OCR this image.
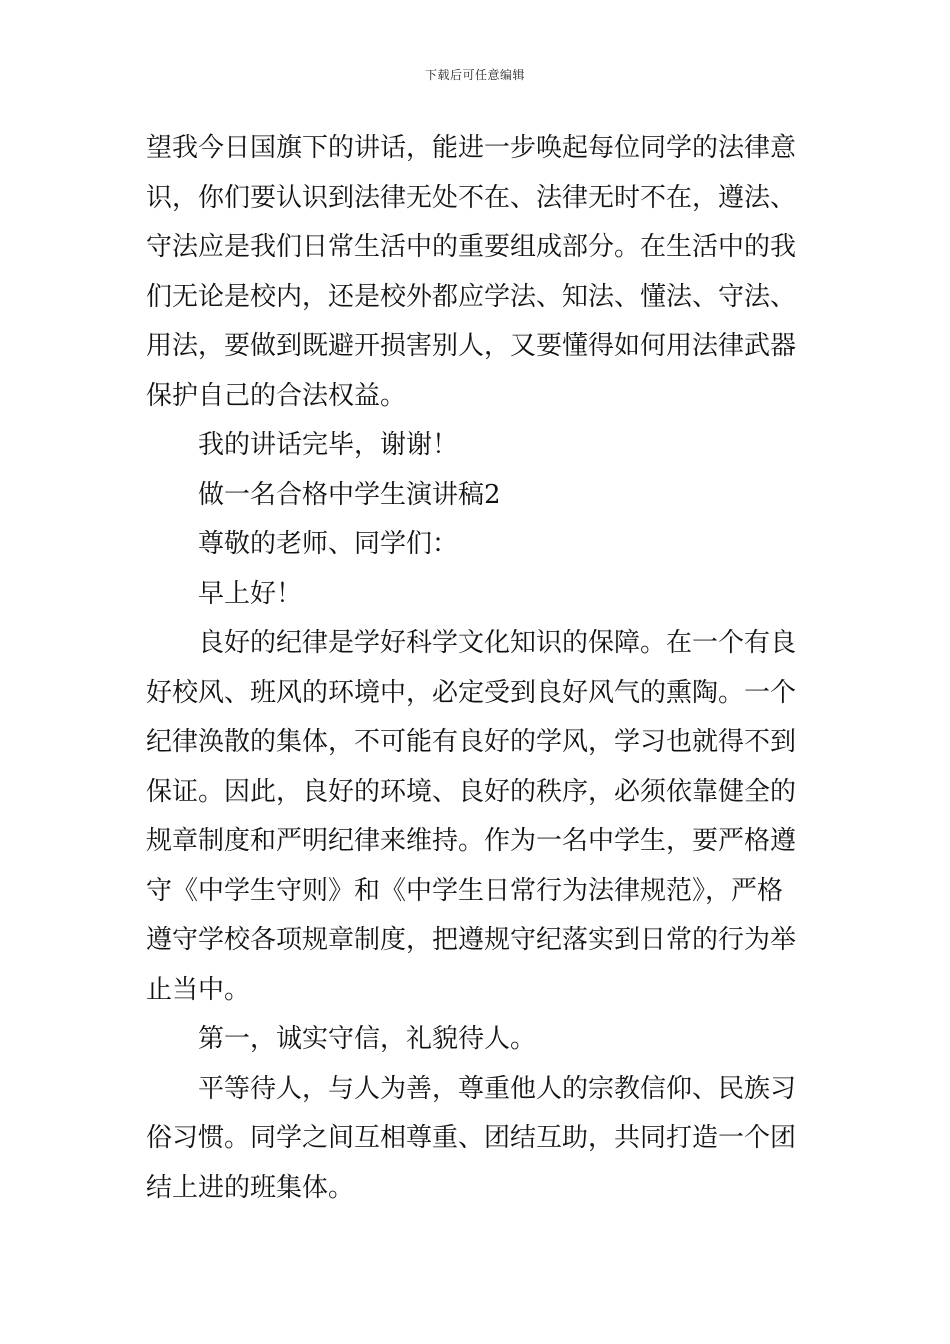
下载后可任意编辑
望我今日国旗下的讲话，能进一步唤起每位同学的法律意
识，你们要认识到法律无处不在、法律无时不在，遵法、
守法应是我们日常生活中的重要组成部分。在生活中的我
们无论是校内，还是校外都应学法、知法、懂法、守法、
用法，要做到既避开损害别人，又要懂得如何用法律武器
保护自己的合法权益。
我的讲话完毕，谢谢！
做一名合格中学生演讲稿2
尊敬的老师、同学们：
早上好！
良好的纪律是学好科学文化知识的保障。在一个有良
好校风、班风的环境中，必定受到良好风气的熏陶。一个
纪律涣散的集体，不可能有良好的学风，学习也就得不到
保证。因此，良好的环境、良好的秩序，必须依靠健全的
规章制度和严明纪律来维持。作为一名中学生，要严格遵
守《中学生守则》和《中学生日常行为法律规范》，严格
遵守学校各项规章制度，把遵规守纪落实到日常的行为举
止当中。
第一，诚实守信，礼貌待人。
平等待人，与人为善，尊重他人的宗教信仰、民族习
俗习惯。同学之间互相尊重、团结互助，共同打造一个团
结上进的班集体。
